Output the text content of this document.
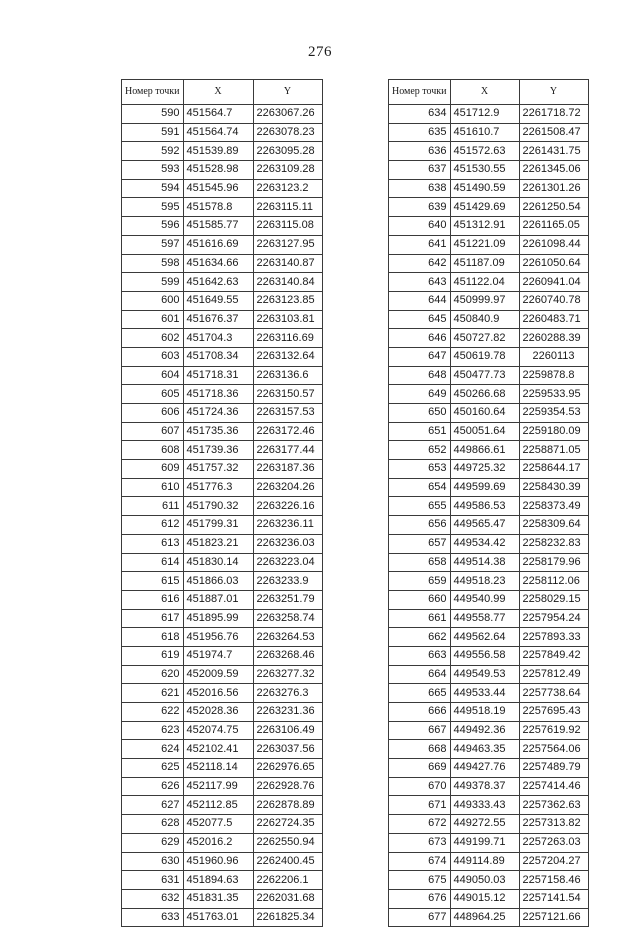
276
Номер точки	X	Y
590	451564.7	2263067.26
591	451564.74	2263078.23
592	451539.89	2263095.28
593	451528.98	2263109.28
594	451545.96	2263123.2
595	451578.8	2263115.11
596	451585.77	2263115.08
597	451616.69	2263127.95
598	451634.66	2263140.87
599	451642.63	2263140.84
600	451649.55	2263123.85
601	451676.37	2263103.81
602	451704.3	2263116.69
603	451708.34	2263132.64
604	451718.31	2263136.6
605	451718.36	2263150.57
606	451724.36	2263157.53
607	451735.36	2263172.46
608	451739.36	2263177.44
609	451757.32	2263187.36
610	451776.3	2263204.26
611	451790.32	2263226.16
612	451799.31	2263236.11
613	451823.21	2263236.03
614	451830.14	2263223.04
615	451866.03	2263233.9
616	451887.01	2263251.79
617	451895.99	2263258.74
618	451956.76	2263264.53
619	451974.7	2263268.46
620	452009.59	2263277.32
621	452016.56	2263276.3
622	452028.36	2263231.36
623	452074.75	2263106.49
624	452102.41	2263037.56
625	452118.14	2262976.65
626	452117.99	2262928.76
627	452112.85	2262878.89
628	452077.5	2262724.35
629	452016.2	2262550.94
630	451960.96	2262400.45
631	451894.63	2262206.1
632	451831.35	2262031.68
633	451763.01	2261825.34
Номер точки	X	Y
634	451712.9	2261718.72
635	451610.7	2261508.47
636	451572.63	2261431.75
637	451530.55	2261345.06
638	451490.59	2261301.26
639	451429.69	2261250.54
640	451312.91	2261165.05
641	451221.09	2261098.44
642	451187.09	2261050.64
643	451122.04	2260941.04
644	450999.97	2260740.78
645	450840.9	2260483.71
646	450727.82	2260288.39
647	450619.78	2260113
648	450477.73	2259878.8
649	450266.68	2259533.95
650	450160.64	2259354.53
651	450051.64	2259180.09
652	449866.61	2258871.05
653	449725.32	2258644.17
654	449599.69	2258430.39
655	449586.53	2258373.49
656	449565.47	2258309.64
657	449534.42	2258232.83
658	449514.38	2258179.96
659	449518.23	2258112.06
660	449540.99	2258029.15
661	449558.77	2257954.24
662	449562.64	2257893.33
663	449556.58	2257849.42
664	449549.53	2257812.49
665	449533.44	2257738.64
666	449518.19	2257695.43
667	449492.36	2257619.92
668	449463.35	2257564.06
669	449427.76	2257489.79
670	449378.37	2257414.46
671	449333.43	2257362.63
672	449272.55	2257313.82
673	449199.71	2257263.03
674	449114.89	2257204.27
675	449050.03	2257158.46
676	449015.12	2257141.54
677	448964.25	2257121.66
